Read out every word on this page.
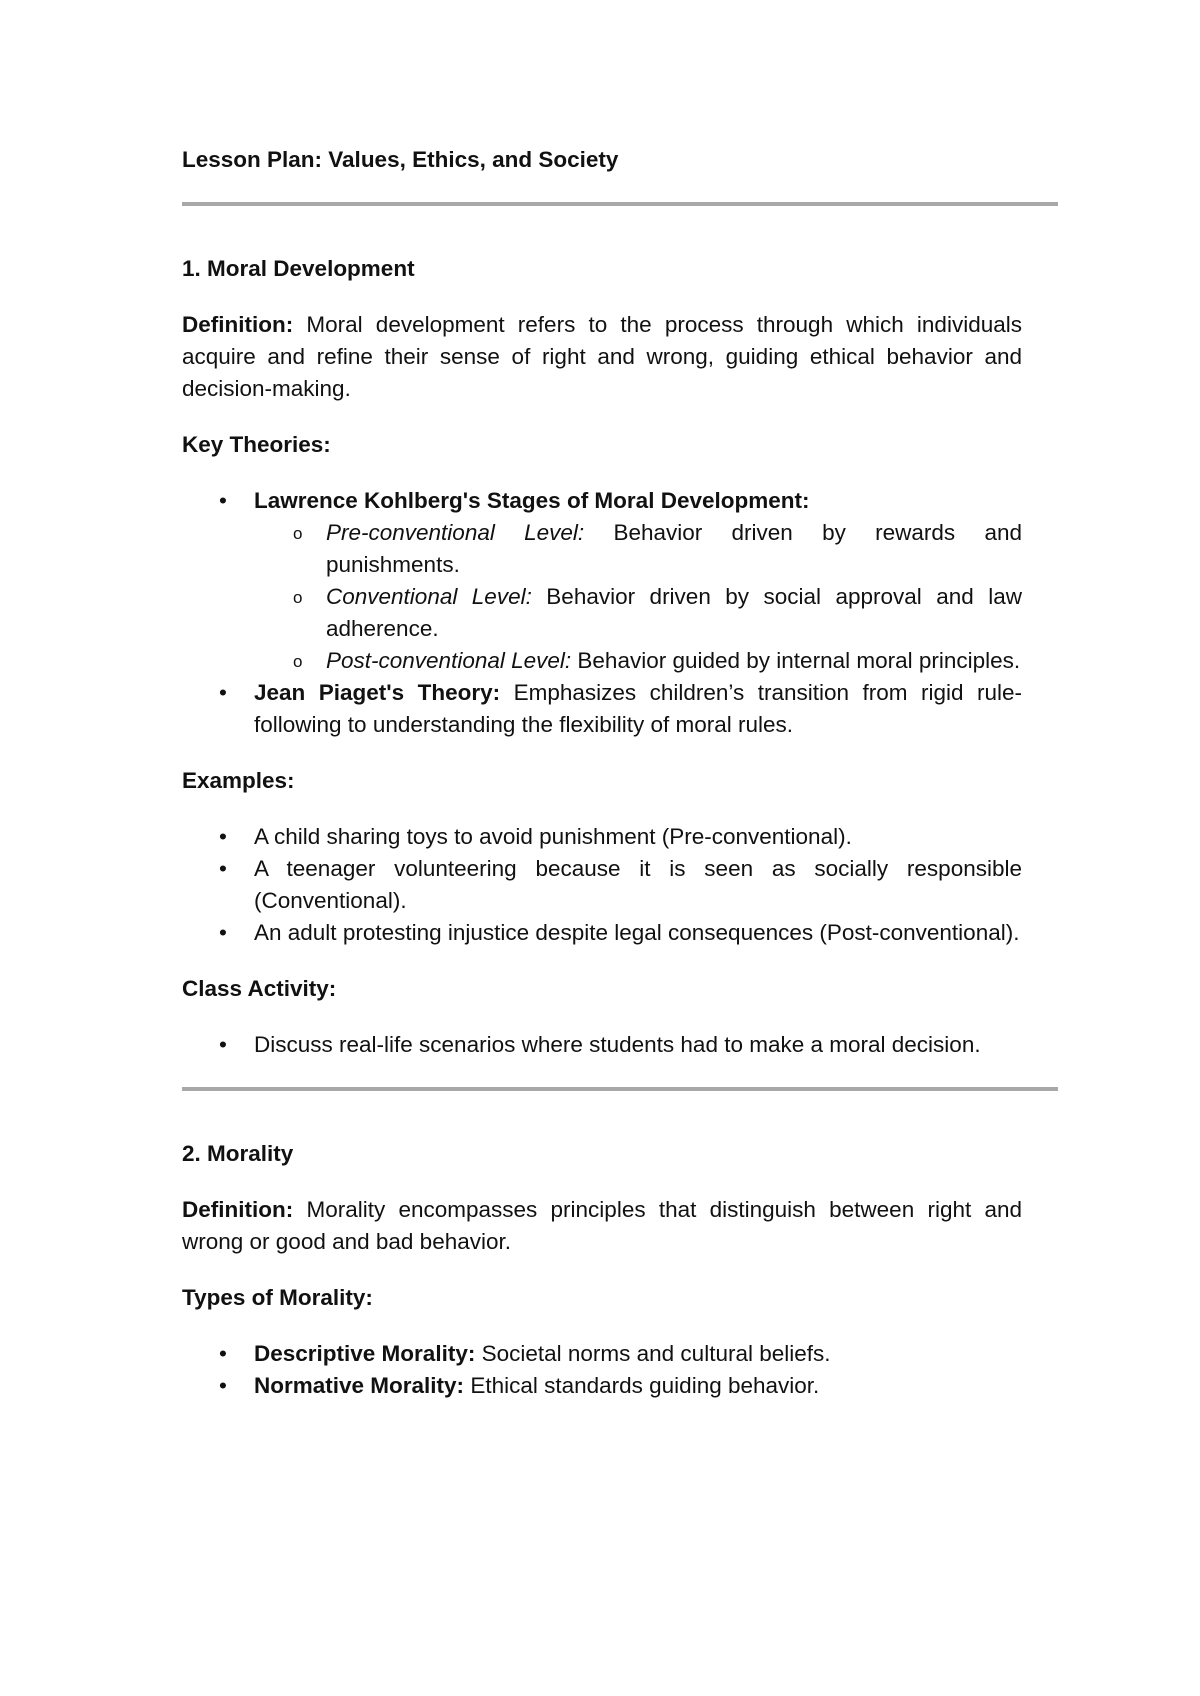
Lesson Plan: Values, Ethics, and Society
1. Moral Development

Definition: Moral development refers to the process through which individuals acquire and refine their sense of right and wrong, guiding ethical behavior and decision-making.

Key Theories:
• Lawrence Kohlberg's Stages of Moral Development:
o Pre-conventional Level: Behavior driven by rewards and punishments.
o Conventional Level: Behavior driven by social approval and law adherence.
o Post-conventional Level: Behavior guided by internal moral principles.
• Jean Piaget's Theory: Emphasizes children’s transition from rigid rule-following to understanding the flexibility of moral rules.
Examples:
• A child sharing toys to avoid punishment (Pre-conventional).
• A teenager volunteering because it is seen as socially responsible (Conventional).
• An adult protesting injustice despite legal consequences (Post-conventional).
Class Activity:
• Discuss real-life scenarios where students had to make a moral decision.
2. Morality

Definition: Morality encompasses principles that distinguish between right and wrong or good and bad behavior.

Types of Morality:
• Descriptive Morality: Societal norms and cultural beliefs.
• Normative Morality: Ethical standards guiding behavior.
